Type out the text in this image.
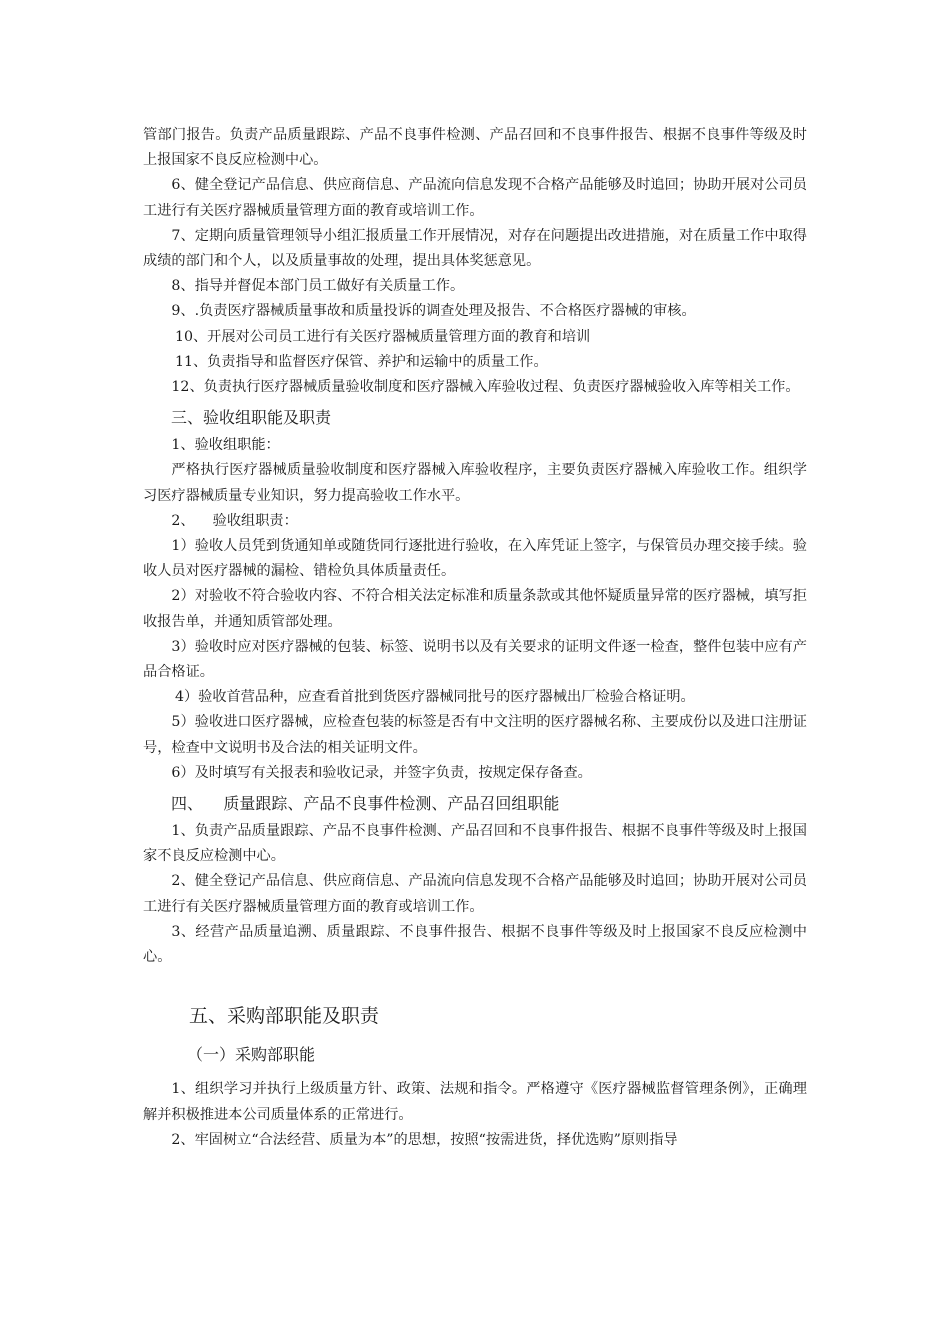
管部门报告。负责产品质量跟踪、产品不良事件检测、产品召回和不良事件报告、根据不良事件等级及时上报国家不良反应检测中心。

6、健全登记产品信息、供应商信息、产品流向信息发现不合格产品能够及时追回；协助开展对公司员工进行有关医疗器械质量管理方面的教育或培训工作。

7、定期向质量管理领导小组汇报质量工作开展情况，对存在问题提出改进措施，对在质量工作中取得成绩的部门和个人，以及质量事故的处理，提出具体奖惩意见。

8、指导并督促本部门员工做好有关质量工作。

9、.负责医疗器械质量事故和质量投诉的调查处理及报告、不合格医疗器械的审核。

10、开展对公司员工进行有关医疗器械质量管理方面的教育和培训

11、负责指导和监督医疗保管、养护和运输中的质量工作。

12、负责执行医疗器械质量验收制度和医疗器械入库验收过程、负责医疗器械验收入库等相关工作。

三、验收组职能及职责

1、验收组职能：

严格执行医疗器械质量验收制度和医疗器械入库验收程序，主要负责医疗器械入库验收工作。组织学习医疗器械质量专业知识，努力提高验收工作水平。

2、    验收组职责：

1）验收人员凭到货通知单或随货同行逐批进行验收，在入库凭证上签字，与保管员办理交接手续。验收人员对医疗器械的漏检、错检负具体质量责任。

2）对验收不符合验收内容、不符合相关法定标准和质量条款或其他怀疑质量异常的医疗器械，填写拒收报告单，并通知质管部处理。

3）验收时应对医疗器械的包装、标签、说明书以及有关要求的证明文件逐一检查，整件包装中应有产品合格证。

4）验收首营品种，应查看首批到货医疗器械同批号的医疗器械出厂检验合格证明。

5）验收进口医疗器械，应检查包装的标签是否有中文注明的医疗器械名称、主要成份以及进口注册证号，检查中文说明书及合法的相关证明文件。

6）及时填写有关报表和验收记录，并签字负责，按规定保存备查。

四、    质量跟踪、产品不良事件检测、产品召回组职能

1、负责产品质量跟踪、产品不良事件检测、产品召回和不良事件报告、根据不良事件等级及时上报国家不良反应检测中心。

2、健全登记产品信息、供应商信息、产品流向信息发现不合格产品能够及时追回；协助开展对公司员工进行有关医疗器械质量管理方面的教育或培训工作。

3、经营产品质量追溯、质量跟踪、不良事件报告、根据不良事件等级及时上报国家不良反应检测中心。

五、采购部职能及职责
（一）采购部职能

1、组织学习并执行上级质量方针、政策、法规和指令。严格遵守《医疗器械监督管理条例》，正确理解并积极推进本公司质量体系的正常进行。

2、牢固树立“合法经营、质量为本”的思想，按照“按需进货，择优选购”原则指导
